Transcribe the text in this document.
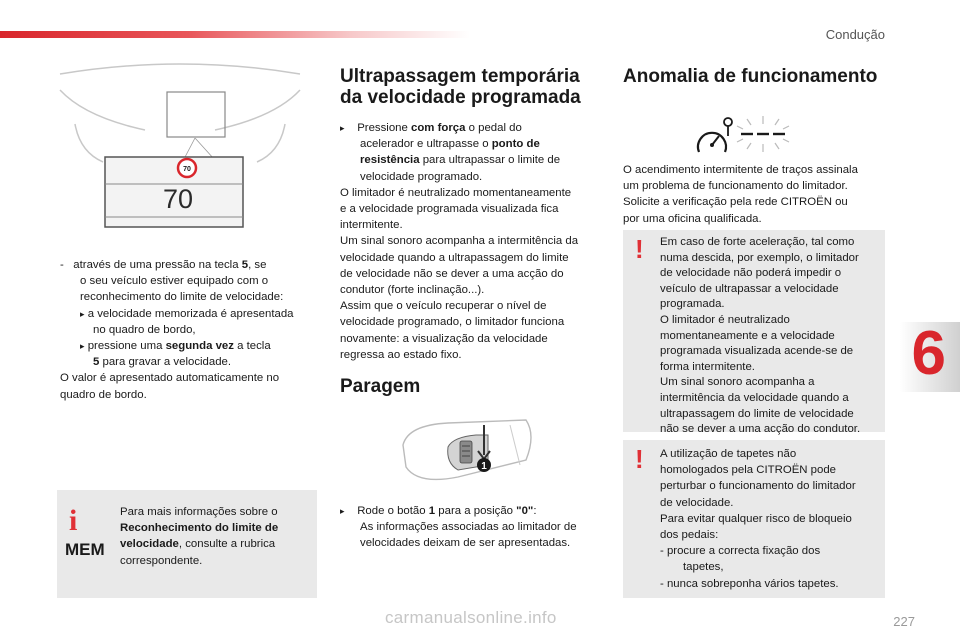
Condução
6
70
70
-   através de uma pressão na tecla 5, se
o seu veículo estiver equipado com o
reconhecimento do limite de velocidade:
▸ a velocidade memorizada é apresentada
no quadro de bordo,
▸ pressione uma segunda vez a tecla
5 para gravar a velocidade.
O valor é apresentado automaticamente no
quadro de bordo.
i
MEM
Para mais informações sobre o
Reconhecimento do limite de
velocidade, consulte a rubrica
correspondente.
Ultrapassagem temporária
da velocidade programada
▸    Pressione com força o pedal do
acelerador e ultrapasse o ponto de
resistência para ultrapassar o limite de
velocidade programado.
O limitador é neutralizado momentaneamente
e a velocidade programada visualizada fica
intermitente.
Um sinal sonoro acompanha a intermitência da
velocidade quando a ultrapassagem do limite
de velocidade não se dever a uma acção do
condutor (forte inclinação...).
Assim que o veículo recuperar o nível de
velocidade programado, o limitador funciona
novamente: a visualização da velocidade
regressa ao estado fixo.
Paragem
1
▸    Rode o botão 1 para a posição "0":
As informações associadas ao limitador de
velocidades deixam de ser apresentadas.
Anomalia de funcionamento
O acendimento intermitente de traços assinala
um problema de funcionamento do limitador.
Solicite a verificação pela rede CITROËN ou
por uma oficina qualificada.
! Em caso de forte aceleração, tal como
numa descida, por exemplo, o limitador
de velocidade não poderá impedir o
veículo de ultrapassar a velocidade
programada.
O limitador é neutralizado
momentaneamente e a velocidade
programada visualizada acende-se de
forma intermitente.
Um sinal sonoro acompanha a
intermitência da velocidade quando a
ultrapassagem do limite de velocidade
não se dever a uma acção do condutor.
! A utilização de tapetes não
homologados pela CITROËN pode
perturbar o funcionamento do limitador
de velocidade.
Para evitar qualquer risco de bloqueio
dos pedais:
- procure a correcta fixação dos
tapetes,
- nunca sobreponha vários tapetes.
carmanualsonline.info	227
